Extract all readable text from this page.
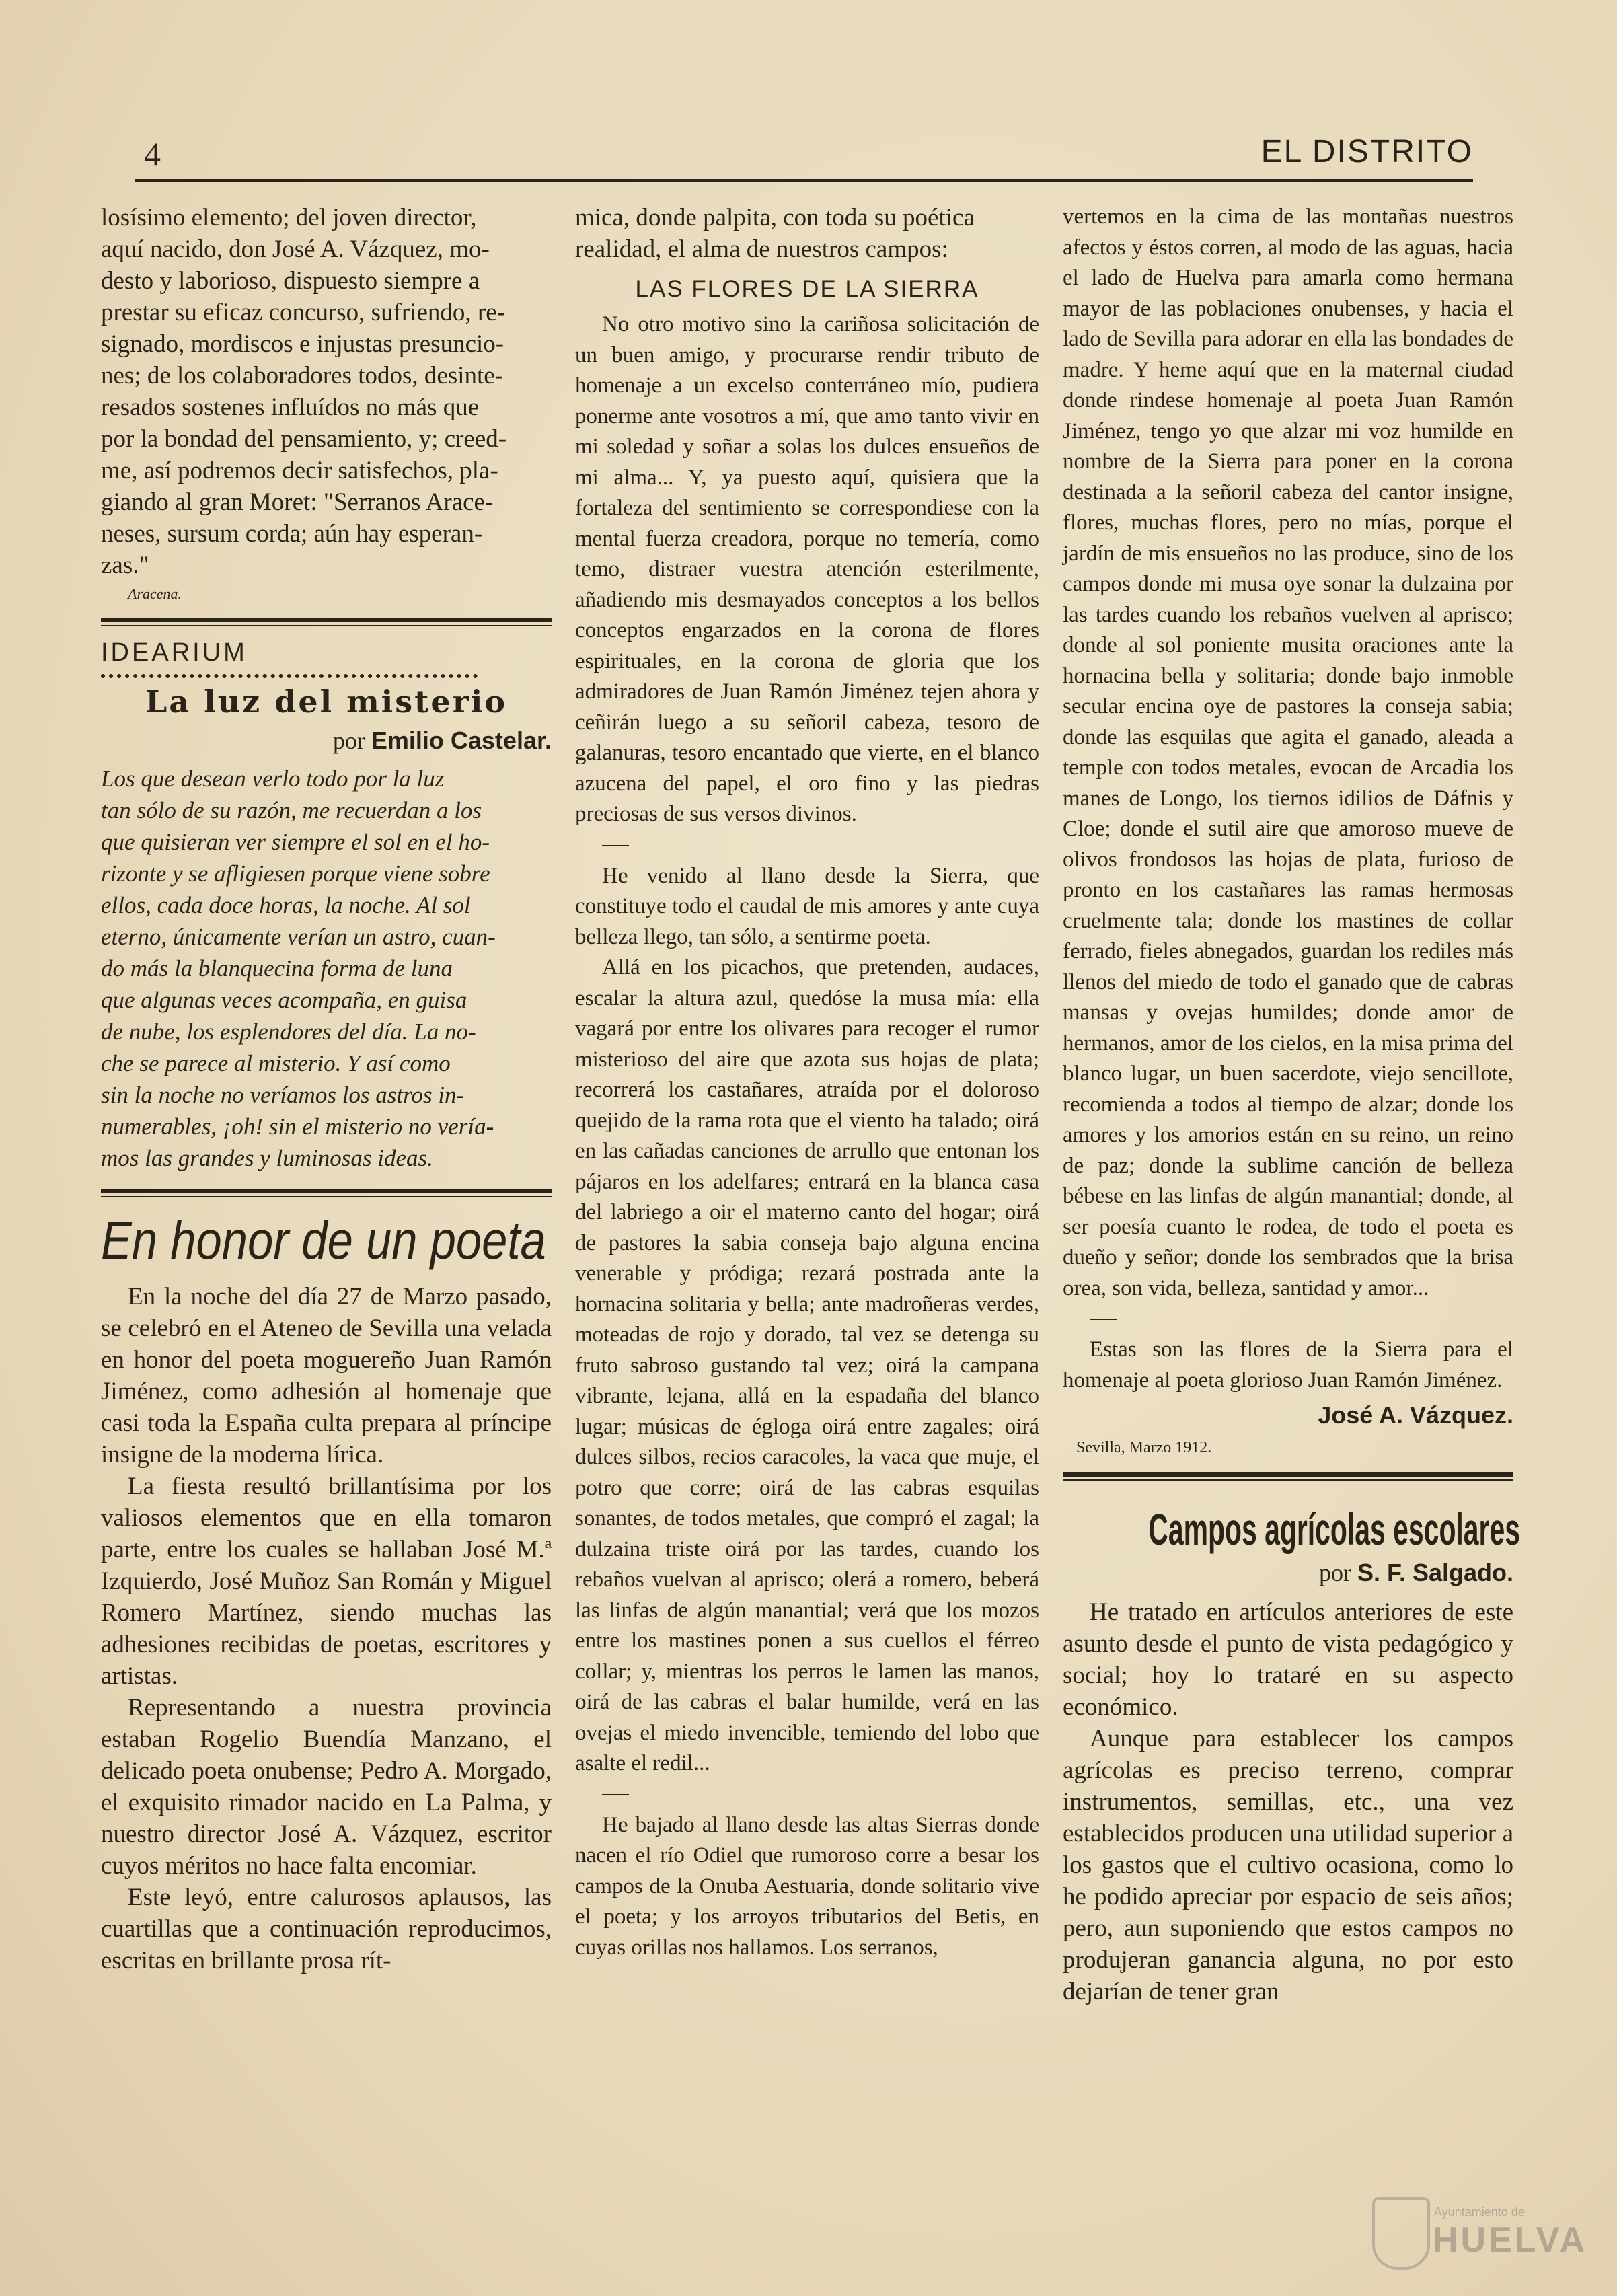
4	EL DISTRITO

losísimo elemento; del joven director,

aquí nacido, don José A. Vázquez, mo-

desto y laborioso, dispuesto siempre a

prestar su eficaz concurso, sufriendo, re-

signado, mordiscos e injustas presuncio-

nes; de los colaboradores todos, desinte-

resados sostenes influídos no más que

por la bondad del pensamiento, y; creed-

me, así podremos decir satisfechos, pla-

giando al gran Moret: "Serranos Arace-

neses, sursum corda; aún hay esperan-

zas."

Aracena.

IDEARIUM
La luz del misterio
por Emilio Castelar.

Los que desean verlo todo por la luz

tan sólo de su razón, me recuerdan a los

que quisieran ver siempre el sol en el ho-

rizonte y se afligiesen porque viene sobre

ellos, cada doce horas, la noche. Al sol

eterno, únicamente verían un astro, cuan-

do más la blanquecina forma de luna

que algunas veces acompaña, en guisa

de nube, los esplendores del día. La no-

che se parece al misterio. Y así como

sin la noche no veríamos los astros in-

numerables, ¡oh! sin el misterio no vería-

mos las grandes y luminosas ideas.

En honor de un poeta

En la noche del día 27 de Marzo pasado, se celebró en el Ateneo de Sevilla una velada en honor del poeta moguereño Juan Ramón Jiménez, como adhesión al homenaje que casi toda la España culta prepara al príncipe insigne de la moderna lírica.

La fiesta resultó brillantísima por los valiosos elementos que en ella tomaron parte, entre los cuales se hallaban José M.ª Izquierdo, José Muñoz San Román y Miguel Romero Martínez, siendo muchas las adhesiones recibidas de poetas, escritores y artistas.

Representando a nuestra provincia estaban Rogelio Buendía Manzano, el delicado poeta onubense; Pedro A. Morgado, el exquisito rimador nacido en La Palma, y nuestro director José A. Vázquez, escritor cuyos méritos no hace falta encomiar.

Este leyó, entre calurosos aplausos, las cuartillas que a continuación reproducimos, escritas en brillante prosa rít-

mica, donde palpita, con toda su poética

realidad, el alma de nuestros campos:

LAS FLORES DE LA SIERRA

No otro motivo sino la cariñosa solicitación de un buen amigo, y procurarse rendir tributo de homenaje a un excelso conterráneo mío, pudiera ponerme ante vosotros a mí, que amo tanto vivir en mi soledad y soñar a solas los dulces ensueños de mi alma... Y, ya puesto aquí, quisiera que la fortaleza del sentimiento se correspondiese con la mental fuerza creadora, porque no temería, como temo, distraer vuestra atención esterilmente, añadiendo mis desmayados conceptos a los bellos conceptos engarzados en la corona de flores espirituales, en la corona de gloria que los admiradores de Juan Ramón Jiménez tejen ahora y ceñirán luego a su señoril cabeza, tesoro de galanuras, tesoro encantado que vierte, en el blanco azucena del papel, el oro fino y las piedras preciosas de sus versos divinos.

He venido al llano desde la Sierra, que constituye todo el caudal de mis amores y ante cuya belleza llego, tan sólo, a sentirme poeta.

Allá en los picachos, que pretenden, audaces, escalar la altura azul, quedóse la musa mía: ella vagará por entre los olivares para recoger el rumor misterioso del aire que azota sus hojas de plata; recorrerá los castañares, atraída por el doloroso quejido de la rama rota que el viento ha talado; oirá en las cañadas canciones de arrullo que entonan los pájaros en los adelfares; entrará en la blanca casa del labriego a oir el materno canto del hogar; oirá de pastores la sabia conseja bajo alguna encina venerable y pródiga; rezará postrada ante la hornacina solitaria y bella; ante madroñeras verdes, moteadas de rojo y dorado, tal vez se detenga su fruto sabroso gustando tal vez; oirá la campana vibrante, lejana, allá en la espadaña del blanco lugar; músicas de égloga oirá entre zagales; oirá dulces silbos, recios caracoles, la vaca que muje, el potro que corre; oirá de las cabras esquilas sonantes, de todos metales, que compró el zagal; la dulzaina triste oirá por las tardes, cuando los rebaños vuelvan al aprisco; olerá a romero, beberá las linfas de algún manantial; verá que los mozos entre los mastines ponen a sus cuellos el férreo collar; y, mientras los perros le lamen las manos, oirá de las cabras el balar humilde, verá en las ovejas el miedo invencible, temiendo del lobo que asalte el redil...

He bajado al llano desde las altas Sierras donde nacen el río Odiel que rumoroso corre a besar los campos de la Onuba Aestuaria, donde solitario vive el poeta; y los arroyos tributarios del Betis, en cuyas orillas nos hallamos. Los serranos,

vertemos en la cima de las montañas nuestros afectos y éstos corren, al modo de las aguas, hacia el lado de Huelva para amarla como hermana mayor de las poblaciones onubenses, y hacia el lado de Sevilla para adorar en ella las bondades de madre. Y heme aquí que en la maternal ciudad donde rindese homenaje al poeta Juan Ramón Jiménez, tengo yo que alzar mi voz humilde en nombre de la Sierra para poner en la corona destinada a la señoril cabeza del cantor insigne, flores, muchas flores, pero no mías, porque el jardín de mis ensueños no las produce, sino de los campos donde mi musa oye sonar la dulzaina por las tardes cuando los rebaños vuelven al aprisco; donde al sol poniente musita oraciones ante la hornacina bella y solitaria; donde bajo inmoble secular encina oye de pastores la conseja sabia; donde las esquilas que agita el ganado, aleada a temple con todos metales, evocan de Arcadia los manes de Longo, los tiernos idilios de Dáfnis y Cloe; donde el sutil aire que amoroso mueve de olivos frondosos las hojas de plata, furioso de pronto en los castañares las ramas hermosas cruelmente tala; donde los mastines de collar ferrado, fieles abnegados, guardan los rediles más llenos del miedo de todo el ganado que de cabras mansas y ovejas humildes; donde amor de hermanos, amor de los cielos, en la misa prima del blanco lugar, un buen sacerdote, viejo sencillote, recomienda a todos al tiempo de alzar; donde los amores y los amorios están en su reino, un reino de paz; donde la sublime canción de belleza bébese en las linfas de algún manantial; donde, al ser poesía cuanto le rodea, de todo el poeta es dueño y señor; donde los sembrados que la brisa orea, son vida, belleza, santidad y amor...

Estas son las flores de la Sierra para el homenaje al poeta glorioso Juan Ramón Jiménez.

José A. Vázquez.
Sevilla, Marzo 1912.
Campos agrícolas escolares
por S. F. Salgado.

He tratado en artículos anteriores de este asunto desde el punto de vista pedagógico y social; hoy lo trataré en su aspecto económico.

Aunque para establecer los campos agrícolas es preciso terreno, comprar instrumentos, semillas, etc., una vez establecidos producen una utilidad superior a los gastos que el cultivo ocasiona, como lo he podido apreciar por espacio de seis años; pero, aun suponiendo que estos campos no produjeran ganancia alguna, no por esto dejarían de tener gran

Ayuntamiento de
HUELVA
